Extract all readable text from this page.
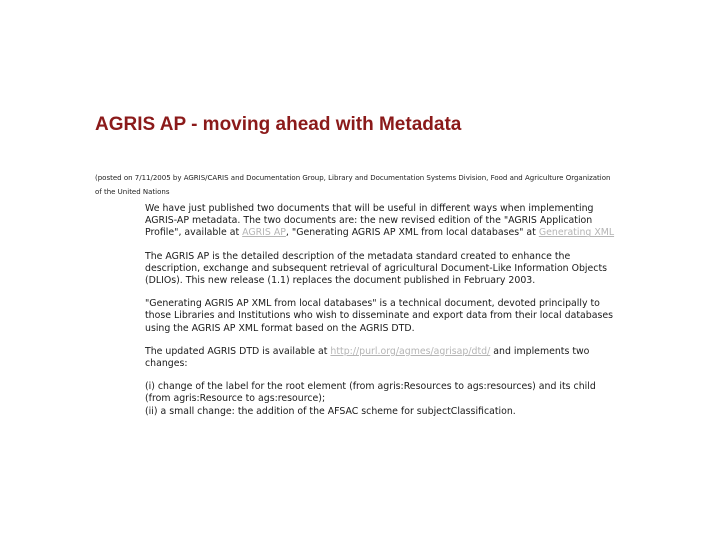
AGRIS AP - moving ahead with Metadata

(posted on 7/11/2005 by AGRIS/CARIS and Documentation Group, Library and Documentation Systems Division, Food and Agriculture Organization of the United Nations

We have just published two documents that will be useful in different ways when implementing AGRIS-AP metadata. The two documents are: the new revised edition of the "AGRIS Application Profile", available at AGRIS AP, "Generating AGRIS AP XML from local databases" at Generating XML

The AGRIS AP is the detailed description of the metadata standard created to enhance the description, exchange and subsequent retrieval of agricultural Document-Like Information Objects (DLIOs). This new release (1.1) replaces the document published in February 2003.

"Generating AGRIS AP XML from local databases" is a technical document, devoted principally to those Libraries and Institutions who wish to disseminate and export data from their local databases using the AGRIS AP XML format based on the AGRIS DTD.

The updated AGRIS DTD is available at http://purl.org/agmes/agrisap/dtd/ and implements two changes:

(i) change of the label for the root element (from agris:Resources to ags:resources) and its child (from agris:Resource to ags:resource);
(ii) a small change: the addition of the AFSAC scheme for subjectClassification.
